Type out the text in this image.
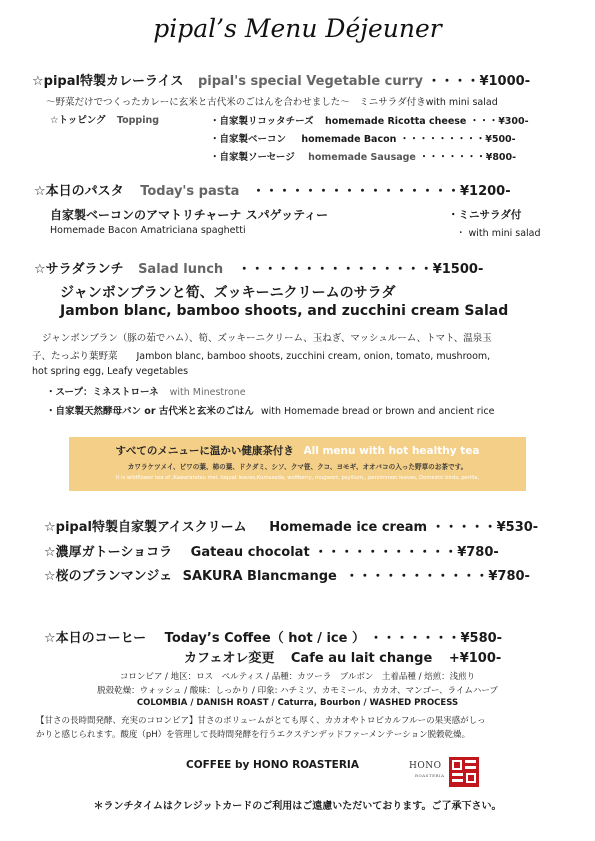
pipal’s Menu Déjeuner
☆pipal特製カレーライス pipal's special Vegetable curry ・・・・¥1000-
〜野菜だけでつくったカレーに玄米と古代米のごはんを合わせました〜　ミニサラダ付きwith mini salad
☆トッピング Topping	・自家製リコッタチーズ homemade Ricotta cheese ・・・¥300-
・自家製ベーコン homemade Bacon ・・・・・・・・・¥500-
・自家製ソーセージ homemade Sausage ・・・・・・・¥800-
☆本日のパスタ Today's pasta ・・・・・・・・・・・・・・・・¥1200-
自家製ベーコンのアマトリチャーナ スパゲッティー	・ミニサラダ付
Homemade Bacon Amatriciana spaghetti	・ with mini salad
☆サラダランチ Salad lunch ・・・・・・・・・・・・・・・¥1500-
ジャンボンブランと筍、ズッキーニクリームのサラダ
Jambon blanc, bamboo shoots, and zucchini cream Salad
ジャンボンブラン（豚の茹でハム）、筍、ズッキーニクリーム、玉ねぎ、マッシュルーム、トマト、温泉玉
子、たっぷり葉野菜　　Jambon blanc, bamboo shoots, zucchini cream, onion, tomato, mushroom,
hot spring egg, Leafy vegetables
・スープ：ミネストローネ with Minestrone
・自家製天然酵母パン or 古代米と玄米のごはん with Homemade bread or brown and ancient rice
すべてのメニューに温かい健康茶付き All menu with hot healthy tea
カワラケツメイ、ビワの葉、柿の葉、ドクダミ、シソ、クマ笹、クコ、ヨモギ、オオバコの入った野草のお茶です。
It is wildflower tea of ,Kawaratetsu mei, loquat leaves,Kumasada, wolfberry, mugwort, psyllium,, persimmon leaves, Domestic birds, perilla,
☆pipal特製自家製アイスクリーム Homemade ice cream ・・・・・¥530-
☆濃厚ガトーショコラ Gateau chocolat ・・・・・・・・・・・¥780-
☆桜のブランマンジェ SAKURA Blancmange ・・・・・・・・・・・¥780-
☆本日のコーヒー Today’s Coffee（ hot / ice ） ・・・・・・・¥580-
カフェオレ変更 Cafe au lait change +¥100-
コロンビア / 地区：ロス　ペルティス / 品種：カツーラ　ブルボン　土着品種 / 焙煎：浅煎り
脱殻乾燥：ウォッシュ / 酸味：しっかり / 印象: ハチミツ、カモミール、カカオ、マンゴー、ライムハーブ
COLOMBIA / DANISH ROAST / Caturra, Bourbon / WASHED PROCESS
【甘さの長時間発酵、充実のコロンビア】甘さのボリュームがとても厚く、カカオやトロピカルフルーの果実感がしっ
かりと感じられます。酸度（pH）を管理して長時間発酵を行うエクステンデッドファーメンテーション脱穀乾燥。
COFFEE by HONO ROASTERIA	HONO
ROASTERIA
＊ランチタイムはクレジットカードのご利用はご遠慮いただいております。ご了承下さい。
